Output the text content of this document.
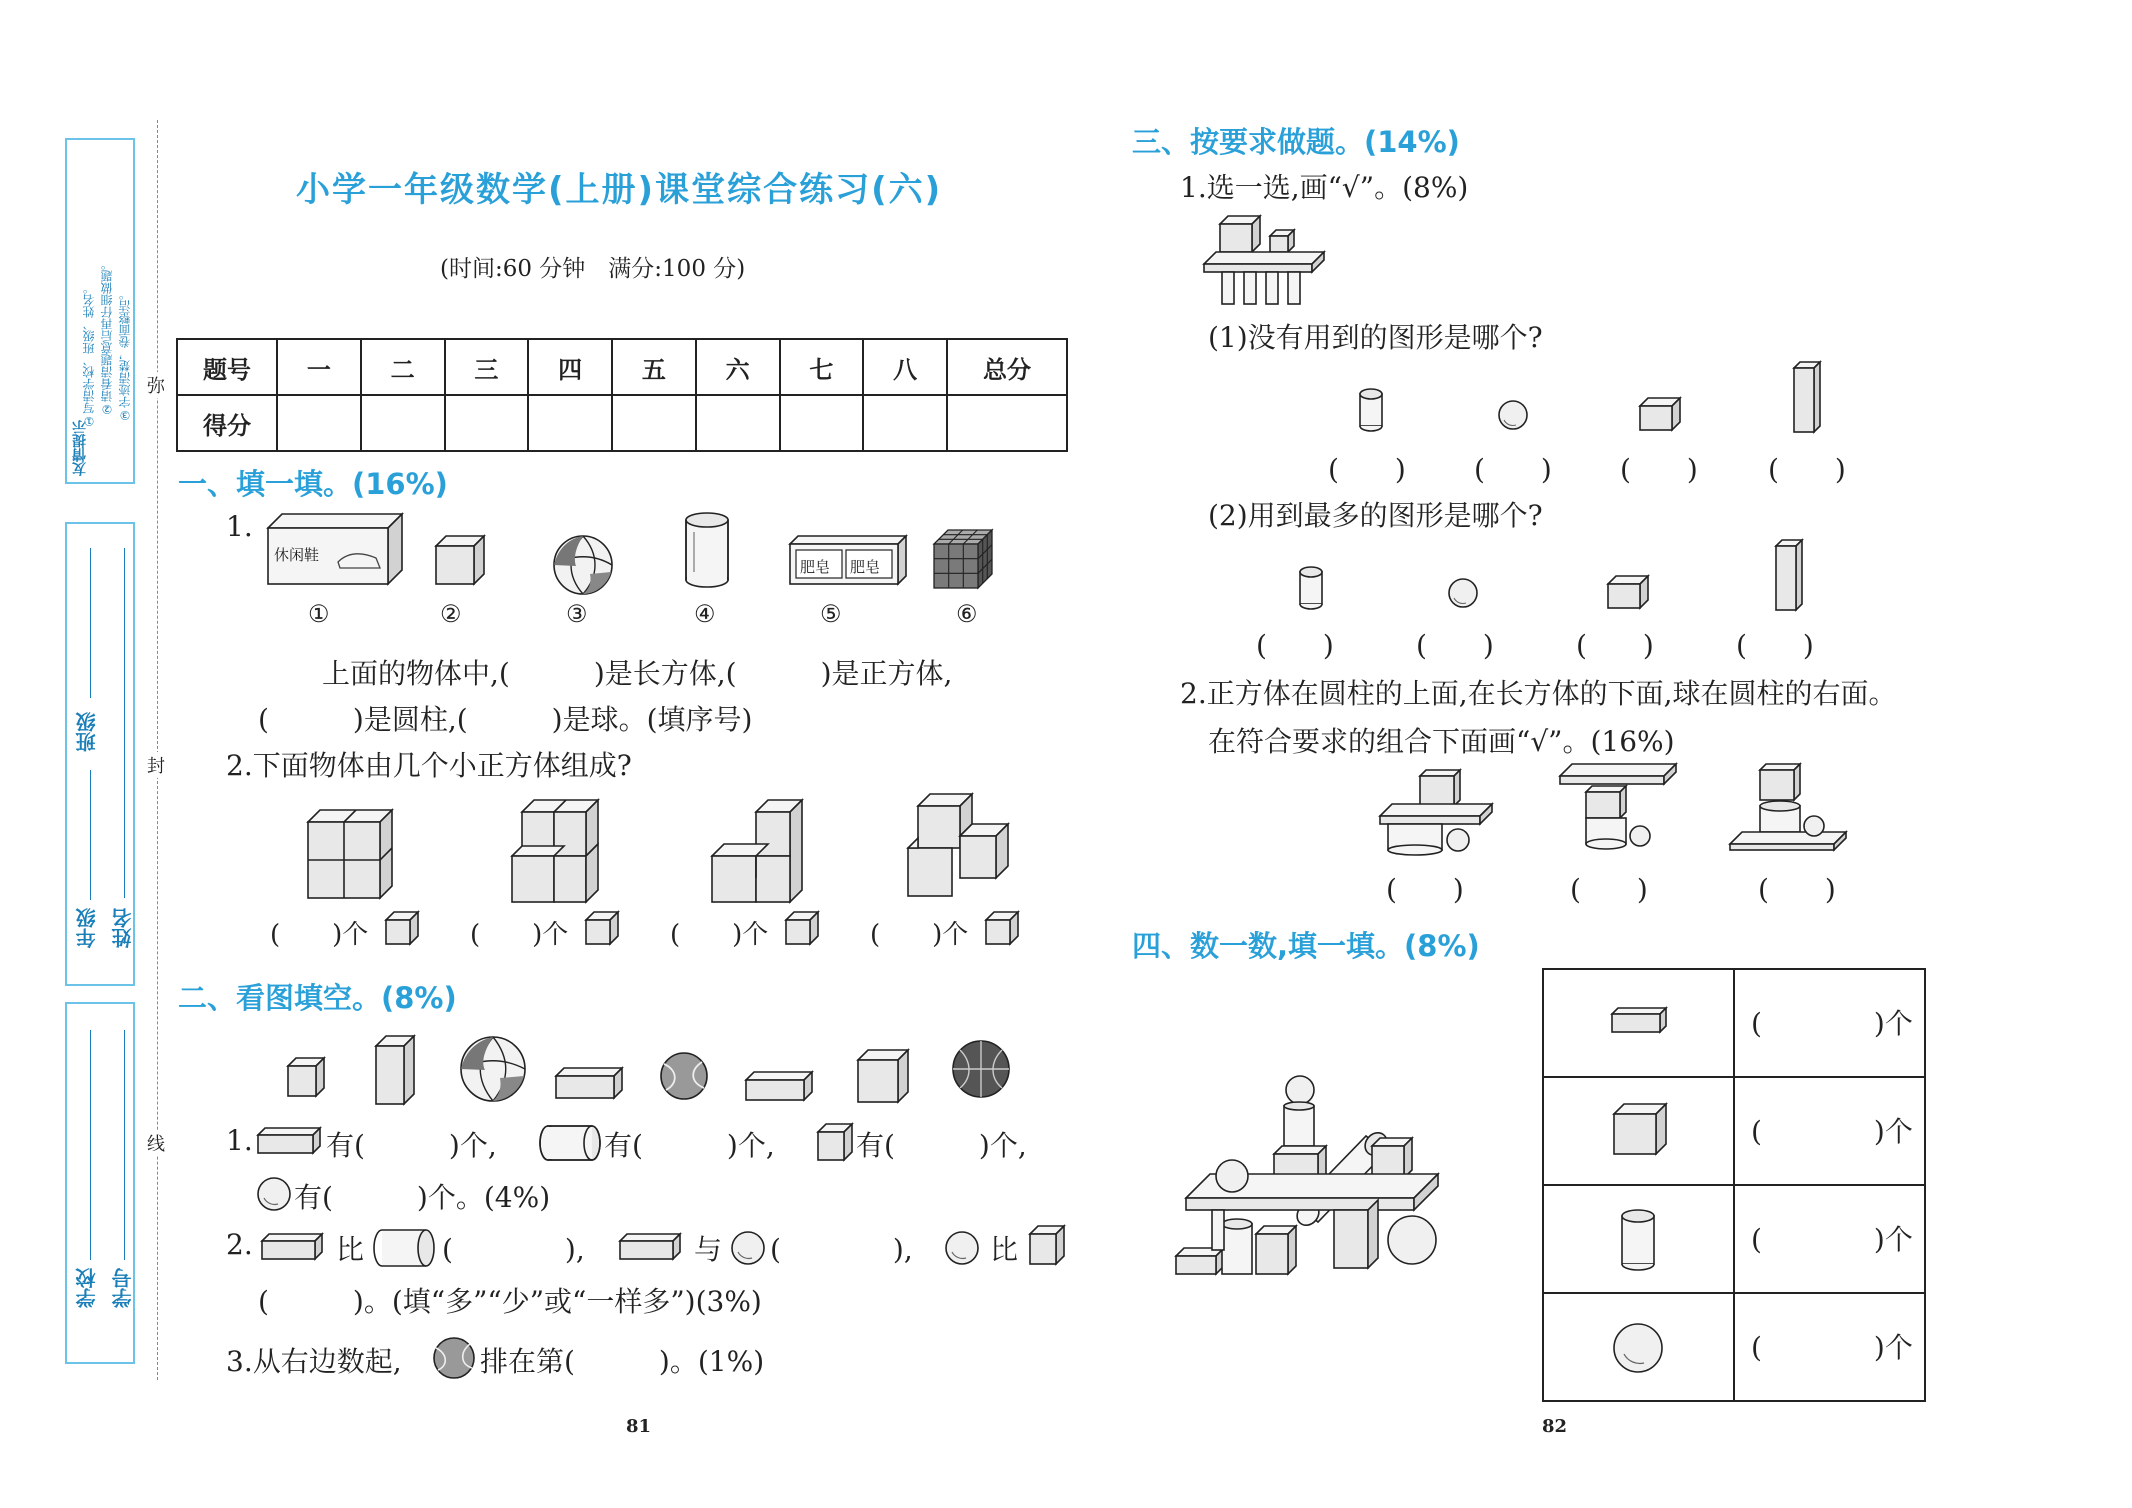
友情提示
①写清学校、班级、姓名。 ②请看清题意后再仔细做题。 ③字迹清楚，卷面整洁。
班级
年级 姓名
学校 学号
弥
封
线
小学一年级数学(上册)课堂综合练习(六)
(时间:60 分钟　满分:100 分)
题号	一	二	三	四	五	六	七	八	总分
得分									
一、填一填。(16%)
1.
休闲鞋
肥皂 肥皂
①	②	③	④	⑤	⑥
上面的物体中,(　　　)是长方体,(　　　)是正方体,
(　　　)是圆柱,(　　　)是球。(填序号)
2.下面物体由几个小正方体组成?
(　　)个	(　　)个	(　　)个	(　　)个
二、看图填空。(8%)
1.	有(　　　)个,	有(　　　)个,	有(　　　)个,
有(　　　)个。(4%)
2.	比	(　　　　),	与 (　　　　),	比
(　　　)。(填“多”“少”或“一样多”)(3%)
3.从右边数起,	排在第(　　　)。(1%)
81
三、按要求做题。(14%)
1.选一选,画“√”。(8%)
(1)没有用到的图形是哪个?
(　　) (　　) (　　)	(　　)
(2)用到最多的图形是哪个?
(　　)	(　　)	(　　)	(　　)
2.正方体在圆柱的上面,在长方体的下面,球在圆柱的右面。
在符合要求的组合下面画“√”。(16%)
(　　)	(　　)	(　　)
四、数一数,填一填。(8%)

(　　　　)个

(　　　　)个

(　　　　)个

(　　　　)个
82
